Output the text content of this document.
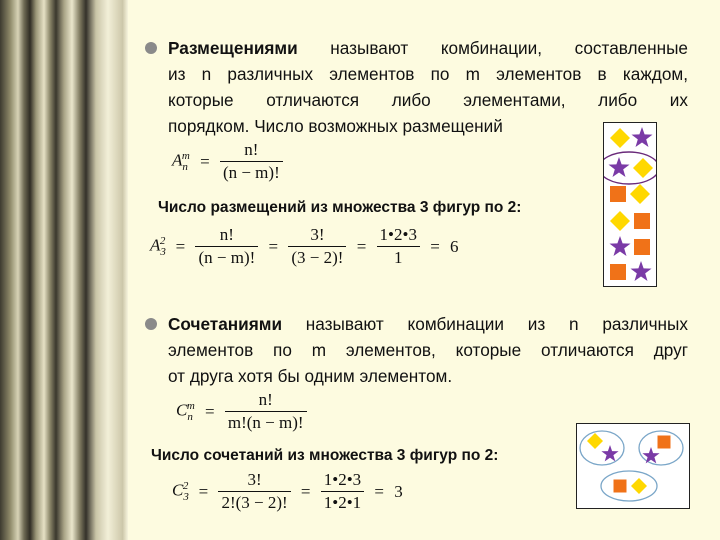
Размещениями называют комбинации, составленные
из n различных элементов по m элементов в каждом,
которые отличаются либо элементами, либо их
порядком. Число возможных размещений
$A_n^m = \frac{n!}{(n - m)!}$
Число размещений из множества 3 фигур по 2:
$A_3^2 = \frac{n!}{(n - m)!} = \frac{3!}{(3 - 2)!} = \frac{1•2•3}{1} = 6$
Сочетаниями называют комбинации из n различных
элементов по m элементов, которые отличаются друг
от друга хотя бы одним элементом.
$C_n^m = \frac{n!}{m!(n - m)!}$
Число сочетаний из множества 3 фигур по 2:
$C_3^2 = \frac{3!}{2!(3 - 2)!} = \frac{1•2•3}{1•2•1} = 3$
